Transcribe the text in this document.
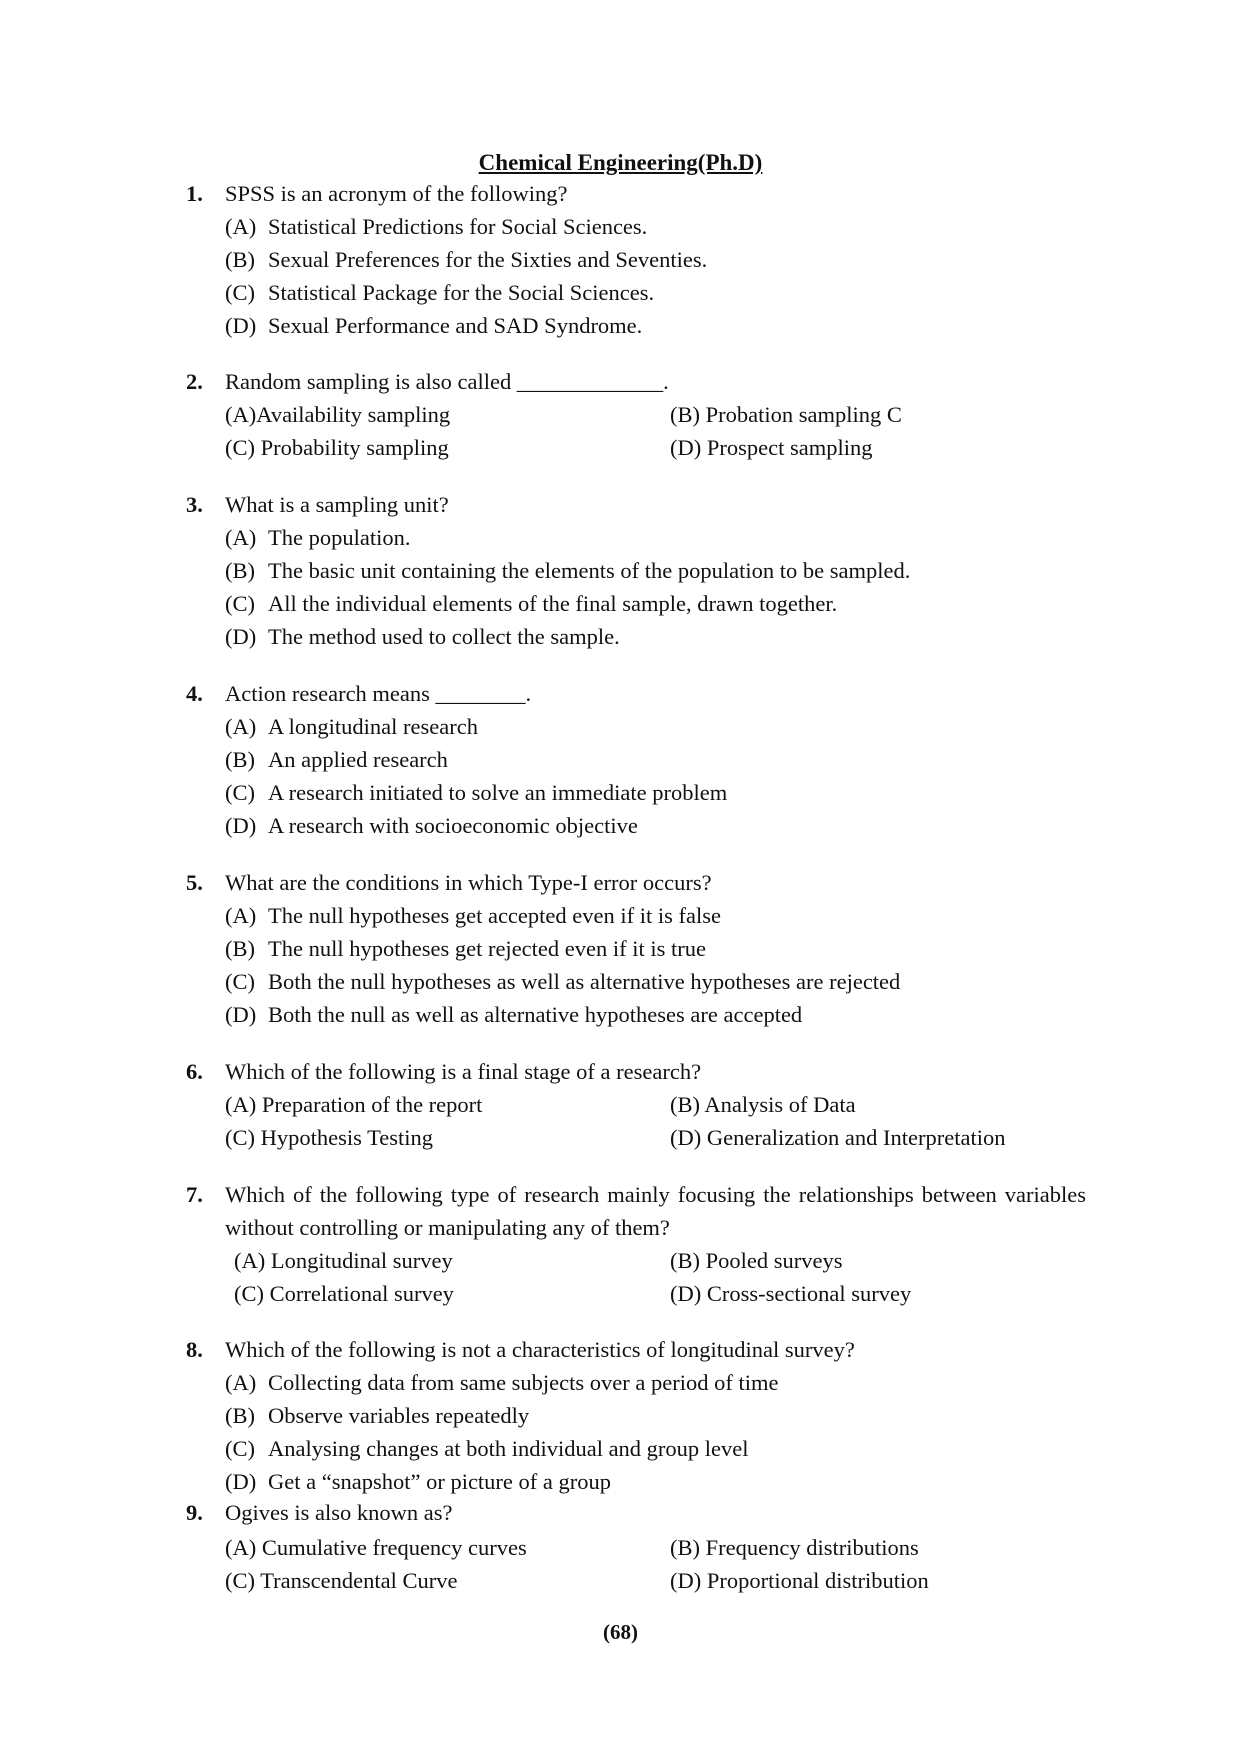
Chemical Engineering(Ph.D)
1. SPSS is an acronym of the following?
(A) Statistical Predictions for Social Sciences.
(B) Sexual Preferences for the Sixties and Seventies.
(C) Statistical Package for the Social Sciences.
(D) Sexual Performance and SAD Syndrome.
2. Random sampling is also called _____________.
(A)Availability sampling	(B) Probation sampling C
(C) Probability sampling	(D) Prospect sampling
3. What is a sampling unit?
(A) The population.
(B) The basic unit containing the elements of the population to be sampled.
(C) All the individual elements of the final sample, drawn together.
(D) The method used to collect the sample.
4. Action research means ________.
(A) A longitudinal research
(B) An applied research
(C) A research initiated to solve an immediate problem
(D) A research with socioeconomic objective
5. What are the conditions in which Type-I error occurs?
(A) The null hypotheses get accepted even if it is false
(B) The null hypotheses get rejected even if it is true
(C) Both the null hypotheses as well as alternative hypotheses are rejected
(D) Both the null as well as alternative hypotheses are accepted
6. Which of the following is a final stage of a research?
(A) Preparation of the report	(B) Analysis of Data
(C) Hypothesis Testing	(D) Generalization and Interpretation
7. Which of the following type of research mainly focusing the relationships between variables without controlling or manipulating any of them?
(A) Longitudinal survey	(B) Pooled surveys
(C) Correlational survey	(D) Cross-sectional survey
8. Which of the following is not a characteristics of longitudinal survey?
(A) Collecting data from same subjects over a period of time
(B) Observe variables repeatedly
(C) Analysing changes at both individual and group level
(D) Get a “snapshot” or picture of a group
9. Ogives is also known as?
(A) Cumulative frequency curves	(B) Frequency distributions
(C) Transcendental Curve	(D) Proportional distribution
(68)
